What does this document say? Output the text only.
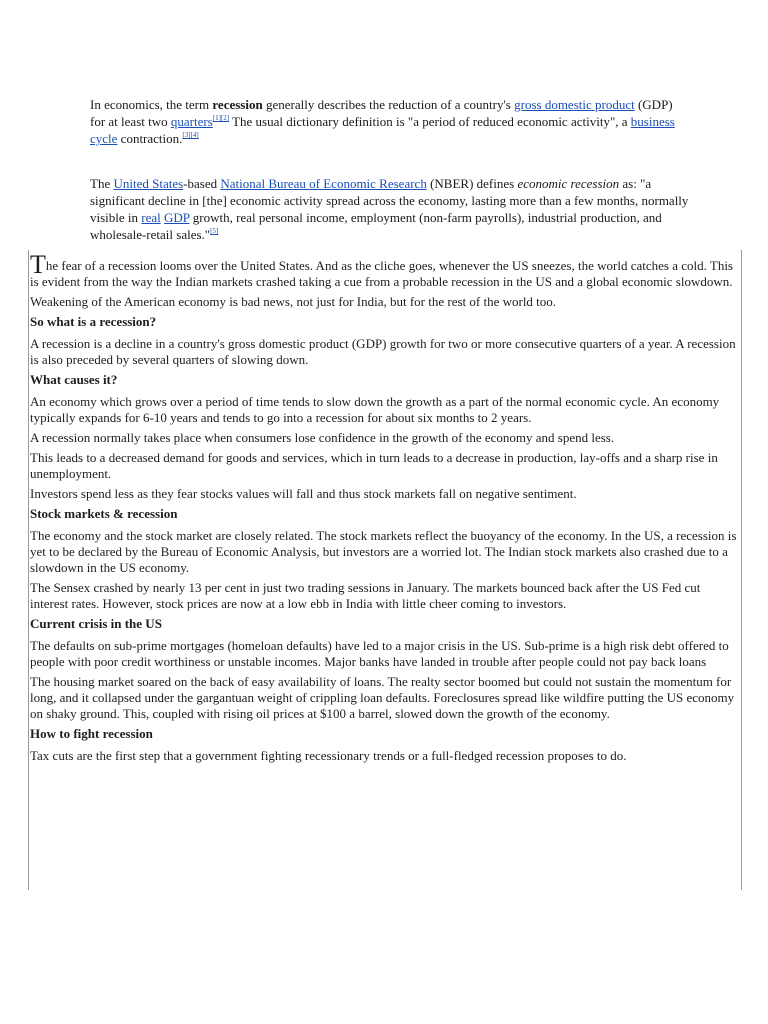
In economics, the term recession generally describes the reduction of a country's gross domestic product (GDP) for at least two quarters[1][2] The usual dictionary definition is "a period of reduced economic activity", a business cycle contraction.[3][4]
The United States-based National Bureau of Economic Research (NBER) defines economic recession as: "a significant decline in [the] economic activity spread across the economy, lasting more than a few months, normally visible in real GDP growth, real personal income, employment (non-farm payrolls), industrial production, and wholesale-retail sales."[5]
The fear of a recession looms over the United States. And as the cliche goes, whenever the US sneezes, the world catches a cold. This is evident from the way the Indian markets crashed taking a cue from a probable recession in the US and a global economic slowdown.
Weakening of the American economy is bad news, not just for India, but for the rest of the world too.
So what is a recession?
A recession is a decline in a country's gross domestic product (GDP) growth for two or more consecutive quarters of a year. A recession is also preceded by several quarters of slowing down.
What causes it?
An economy which grows over a period of time tends to slow down the growth as a part of the normal economic cycle. An economy typically expands for 6-10 years and tends to go into a recession for about six months to 2 years.
A recession normally takes place when consumers lose confidence in the growth of the economy and spend less.
This leads to a decreased demand for goods and services, which in turn leads to a decrease in production, lay-offs and a sharp rise in unemployment.
Investors spend less as they fear stocks values will fall and thus stock markets fall on negative sentiment.
Stock markets & recession
The economy and the stock market are closely related. The stock markets reflect the buoyancy of the economy. In the US, a recession is yet to be declared by the Bureau of Economic Analysis, but investors are a worried lot. The Indian stock markets also crashed due to a slowdown in the US economy.
The Sensex crashed by nearly 13 per cent in just two trading sessions in January. The markets bounced back after the US Fed cut interest rates. However, stock prices are now at a low ebb in India with little cheer coming to investors.
Current crisis in the US
The defaults on sub-prime mortgages (homeloan defaults) have led to a major crisis in the US. Sub-prime is a high risk debt offered to people with poor credit worthiness or unstable incomes. Major banks have landed in trouble after people could not pay back loans
The housing market soared on the back of easy availability of loans. The realty sector boomed but could not sustain the momentum for long, and it collapsed under the gargantuan weight of crippling loan defaults. Foreclosures spread like wildfire putting the US economy on shaky ground. This, coupled with rising oil prices at $100 a barrel, slowed down the growth of the economy.
How to fight recession
Tax cuts are the first step that a government fighting recessionary trends or a full-fledged recession proposes to do.
